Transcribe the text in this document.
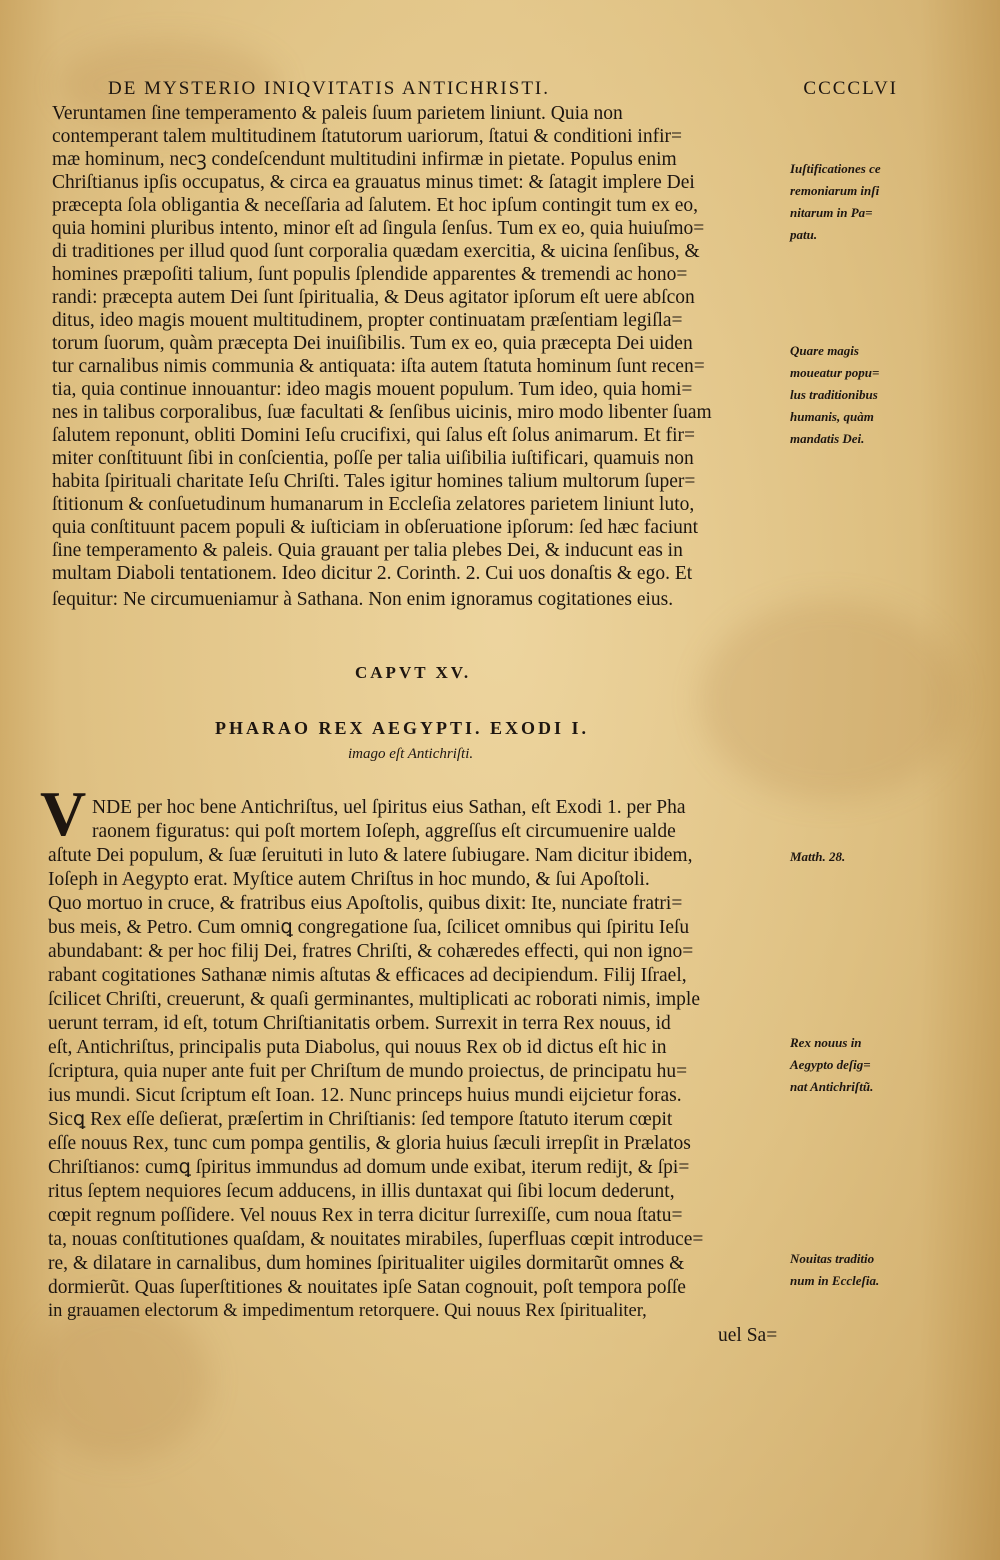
DE MYSTERIO INIQVITATIS ANTICHRISTI.	CCCCLVI
Veruntamen ſine temperamento & paleis ſuum parietem liniunt. Quia non
contemperant talem multitudinem ſtatutorum uariorum, ſtatui & conditioni infir=
mæ hominum, necꝫ condeſcendunt multitudini infirmæ in pietate. Populus enim
Chriſtianus ipſis occupatus, & circa ea grauatus minus timet: & ſatagit implere Dei
præcepta ſola obligantia & neceſſaria ad ſalutem. Et hoc ipſum contingit tum ex eo,
quia homini pluribus intento, minor eſt ad ſingula ſenſus. Tum ex eo, quia huiuſmo=
di traditiones per illud quod ſunt corporalia quædam exercitia, & uicina ſenſibus, &
homines præpoſiti talium, ſunt populis ſplendide apparentes & tremendi ac hono=
randi: præcepta autem Dei ſunt ſpiritualia, & Deus agitator ipſorum eſt uere abſcon
ditus, ideo magis mouent multitudinem, propter continuatam præſentiam legiſla=
torum ſuorum, quàm præcepta Dei inuiſibilis. Tum ex eo, quia præcepta Dei uiden
tur carnalibus nimis communia & antiquata: iſta autem ſtatuta hominum ſunt recen=
tia, quia continue innouantur: ideo magis mouent populum. Tum ideo, quia homi=
nes in talibus corporalibus, ſuæ facultati & ſenſibus uicinis, miro modo libenter ſuam
ſalutem reponunt, obliti Domini Ieſu crucifixi, qui ſalus eſt ſolus animarum. Et fir=
miter conſtituunt ſibi in conſcientia, poſſe per talia uiſibilia iuſtificari, quamuis non
habita ſpirituali charitate Ieſu Chriſti. Tales igitur homines talium multorum ſuper=
ſtitionum & conſuetudinum humanarum in Eccleſia zelatores parietem liniunt luto,
quia conſtituunt pacem populi & iuſticiam in obſeruatione ipſorum: ſed hæc faciunt
ſine temperamento & paleis. Quia grauant per talia plebes Dei, & inducunt eas in
multam Diaboli tentationem. Ideo dicitur 2. Corinth. 2. Cui uos donaſtis & ego. Et
ſequitur: Ne circumueniamur à Sathana. Non enim ignoramus cogitationes eius.
Iuſtificationes ce
remoniarum inſi
nitarum in Pa=
patu.
Quare magis
moueatur popu=
lus traditionibus
humanis, quàm
mandatis Dei.
CAPVT XV.
PHARAO REX AEGYPTI. EXODI I.
imago eſt Antichriſti.
V NDE per hoc bene Antichriſtus, uel ſpiritus eius Sathan, eſt Exodi 1. per Pha
raonem figuratus: qui poſt mortem Ioſeph, aggreſſus eſt circumuenire ualde
aſtute Dei populum, & ſuæ ſeruituti in luto & latere ſubiugare. Nam dicitur ibidem,
Ioſeph in Aegypto erat. Myſtice autem Chriſtus in hoc mundo, & ſui Apoſtoli.
Quo mortuo in cruce, & fratribus eius Apoſtolis, quibus dixit: Ite, nunciate fratri=
bus meis, & Petro. Cum omniꝗ congregatione ſua, ſcilicet omnibus qui ſpiritu Ieſu
abundabant: & per hoc filij Dei, fratres Chriſti, & cohæredes effecti, qui non igno=
rabant cogitationes Sathanæ nimis aſtutas & efficaces ad decipiendum. Filij Iſrael,
ſcilicet Chriſti, creuerunt, & quaſi germinantes, multiplicati ac roborati nimis, imple
uerunt terram, id eſt, totum Chriſtianitatis orbem. Surrexit in terra Rex nouus, id
eſt, Antichriſtus, principalis puta Diabolus, qui nouus Rex ob id dictus eſt hic in
ſcriptura, quia nuper ante fuit per Chriſtum de mundo proiectus, de principatu hu=
ius mundi. Sicut ſcriptum eſt Ioan. 12. Nunc princeps huius mundi eijcietur foras.
Sicꝗ Rex eſſe deſierat, præſertim in Chriſtianis: ſed tempore ſtatuto iterum cœpit
eſſe nouus Rex, tunc cum pompa gentilis, & gloria huius ſæculi irrepſit in Prælatos
Chriſtianos: cumꝗ ſpiritus immundus ad domum unde exibat, iterum redijt, & ſpi=
ritus ſeptem nequiores ſecum adducens, in illis duntaxat qui ſibi locum dederunt,
cœpit regnum poſſidere. Vel nouus Rex in terra dicitur ſurrexiſſe, cum noua ſtatu=
ta, nouas conſtitutiones quaſdam, & nouitates mirabiles, ſuperfluas cœpit introduce=
re, & dilatare in carnalibus, dum homines ſpiritualiter uigiles dormitarũt omnes &
dormierũt. Quas ſuperſtitiones & nouitates ipſe Satan cognouit, poſt tempora poſſe
in grauamen electorum & impedimentum retorquere. Qui nouus Rex ſpiritualiter,
uel Sa=
Matth. 28.
Rex nouus in
Aegypto deſig=
nat Antichriſtũ.
Nouitas traditio
num in Eccleſia.
